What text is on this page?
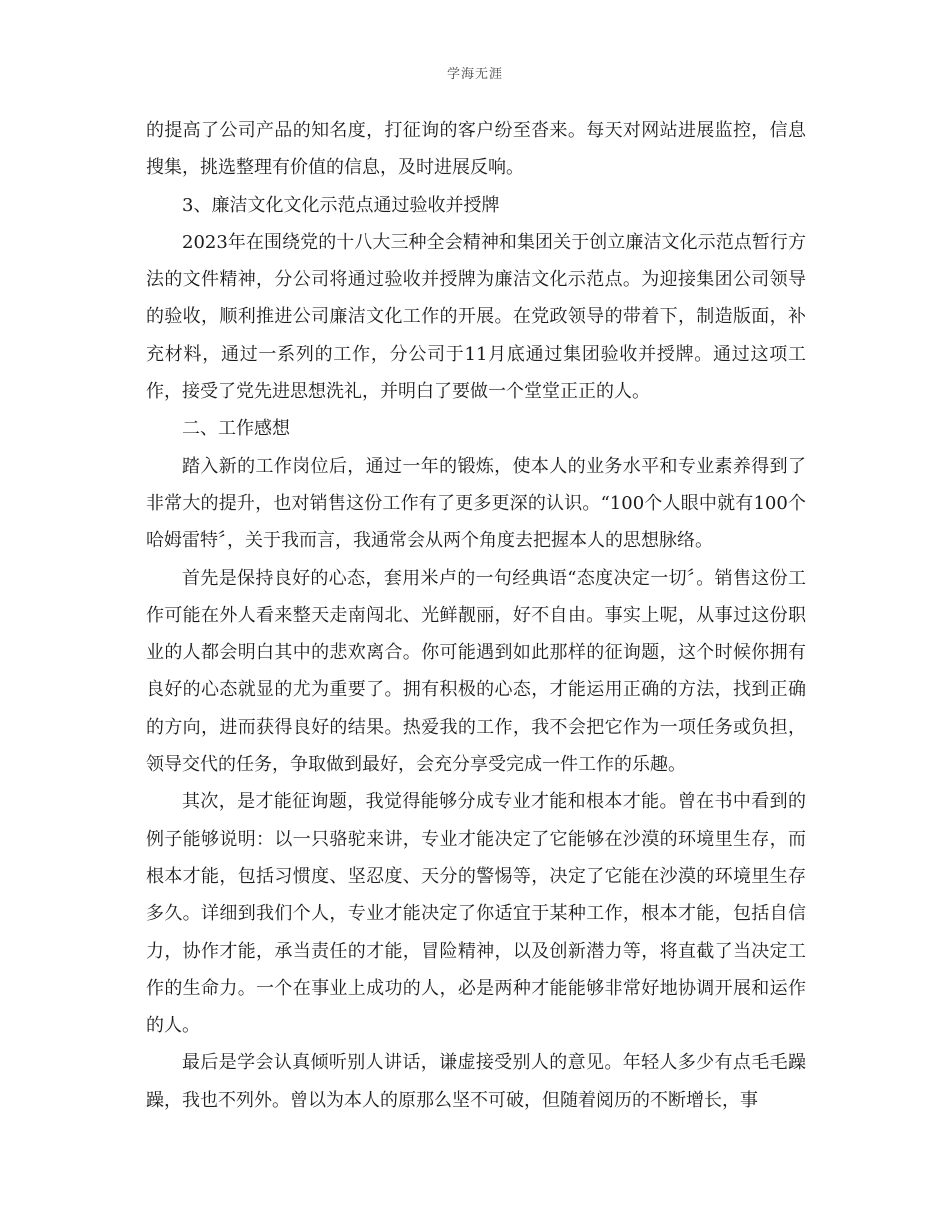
学海无涯

的提高了公司产品的知名度，打征询的客户纷至沓来。每天对网站进展监控，信息搜集，挑选整理有价值的信息，及时进展反响。

3、廉洁文化文化示范点通过验收并授牌

2023年在围绕党的十八大三种全会精神和集团关于创立廉洁文化示范点暂行方法的文件精神，分公司将通过验收并授牌为廉洁文化示范点。为迎接集团公司领导的验收，顺利推进公司廉洁文化工作的开展。在党政领导的带着下，制造版面，补充材料，通过一系列的工作，分公司于11月底通过集团验收并授牌。通过这项工作，接受了党先进思想洗礼，并明白了要做一个堂堂正正的人。

二、工作感想

踏入新的工作岗位后，通过一年的锻炼，使本人的业务水平和专业素养得到了非常大的提升，也对销售这份工作有了更多更深的认识。“100个人眼中就有100个哈姆雷特〞，关于我而言，我通常会从两个角度去把握本人的思想脉络。

首先是保持良好的心态，套用米卢的一句经典语“态度决定一切〞。销售这份工作可能在外人看来整天走南闯北、光鲜靓丽，好不自由。事实上呢，从事过这份职业的人都会明白其中的悲欢离合。你可能遇到如此那样的征询题，这个时候你拥有良好的心态就显的尤为重要了。拥有积极的心态，才能运用正确的方法，找到正确的方向，进而获得良好的结果。热爱我的工作，我不会把它作为一项任务或负担，领导交代的任务，争取做到最好，会充分享受完成一件工作的乐趣。

其次，是才能征询题，我觉得能够分成专业才能和根本才能。曾在书中看到的例子能够说明：以一只骆驼来讲，专业才能决定了它能够在沙漠的环境里生存，而根本才能，包括习惯度、坚忍度、天分的警惕等，决定了它能在沙漠的环境里生存多久。详细到我们个人，专业才能决定了你适宜于某种工作，根本才能，包括自信力，协作才能，承当责任的才能，冒险精神，以及创新潜力等，将直截了当决定工作的生命力。一个在事业上成功的人，必是两种才能能够非常好地协调开展和运作的人。

最后是学会认真倾听别人讲话，谦虚接受别人的意见。年轻人多少有点毛毛躁躁，我也不列外。曾以为本人的原那么坚不可破，但随着阅历的不断增长，事
